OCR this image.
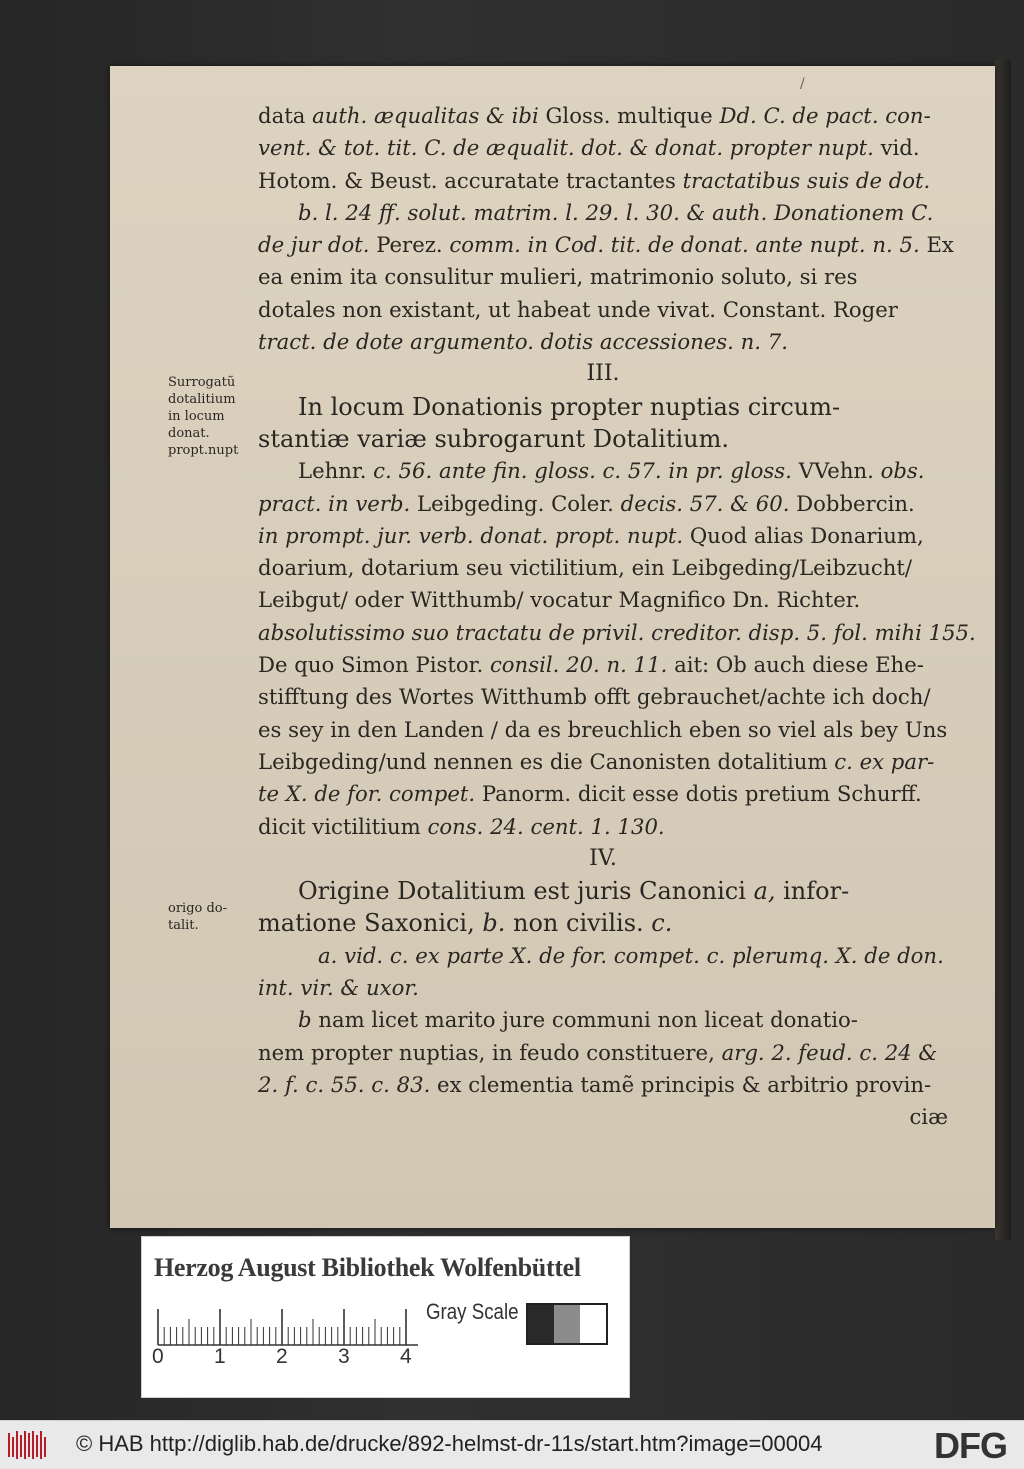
/
Surrogatũ
dotalitium
in locum
donat.
propt.nupt
origo do-
talit.
data auth. æqualitas & ibi Gloss. multique Dd. C. de pact. con-
vent. & tot. tit. C. de æqualit. dot. & donat. propter nupt. vid.
Hotom. & Beust. accuratate tractantes tractatibus suis de dot.
b. l. 24 ff. solut. matrim. l. 29. l. 30. & auth. Donationem C.
de jur dot. Perez. comm. in Cod. tit. de donat. ante nupt. n. 5. Ex
ea enim ita consulitur mulieri, matrimonio soluto, si res
dotales non existant, ut habeat unde vivat. Constant. Roger
tract. de dote argumento. dotis accessiones. n. 7.
III.
In locum Donationis propter nuptias circum-
stantiæ variæ subrogarunt Dotalitium.
Lehnr. c. 56. ante fin. gloss. c. 57. in pr. gloss. VVehn. obs.
pract. in verb. Leibgeding. Coler. decis. 57. & 60. Dobbercin.
in prompt. jur. verb. donat. propt. nupt. Quod alias Donarium,
doarium, dotarium seu victilitium, ein Leibgeding/Leibzucht/
Leibgut/ oder Witthumb/ vocatur Magnifico Dn. Richter.
absolutissimo suo tractatu de privil. creditor. disp. 5. fol. mihi 155.
De quo Simon Pistor. consil. 20. n. 11. ait: Ob auch diese Ehe-
stifftung des Wortes Witthumb offt gebrauchet/achte ich doch/
es sey in den Landen / da es breuchlich eben so viel als bey Uns
Leibgeding/und nennen es die Canonisten dotalitium c. ex par-
te X. de for. compet. Panorm. dicit esse dotis pretium Schurff.
dicit victilitium cons. 24. cent. 1. 130.
IV.
Origine Dotalitium est juris Canonici a, infor-
matione Saxonici, b. non civilis. c.
a. vid. c. ex parte X. de for. compet. c. plerumq. X. de don.
int. vir. & uxor.
b nam licet marito jure communi non liceat donatio-
nem propter nuptias, in feudo constituere, arg. 2. feud. c. 24 &
2. f. c. 55. c. 83. ex clementia tamẽ principis & arbitrio provin-
ciæ
Herzog August Bibliothek Wolfenbüttel
0 1 2 3 4
Gray Scale
© HAB http://diglib.hab.de/drucke/892-helmst-dr-11s/start.htm?image=00004	DFG
